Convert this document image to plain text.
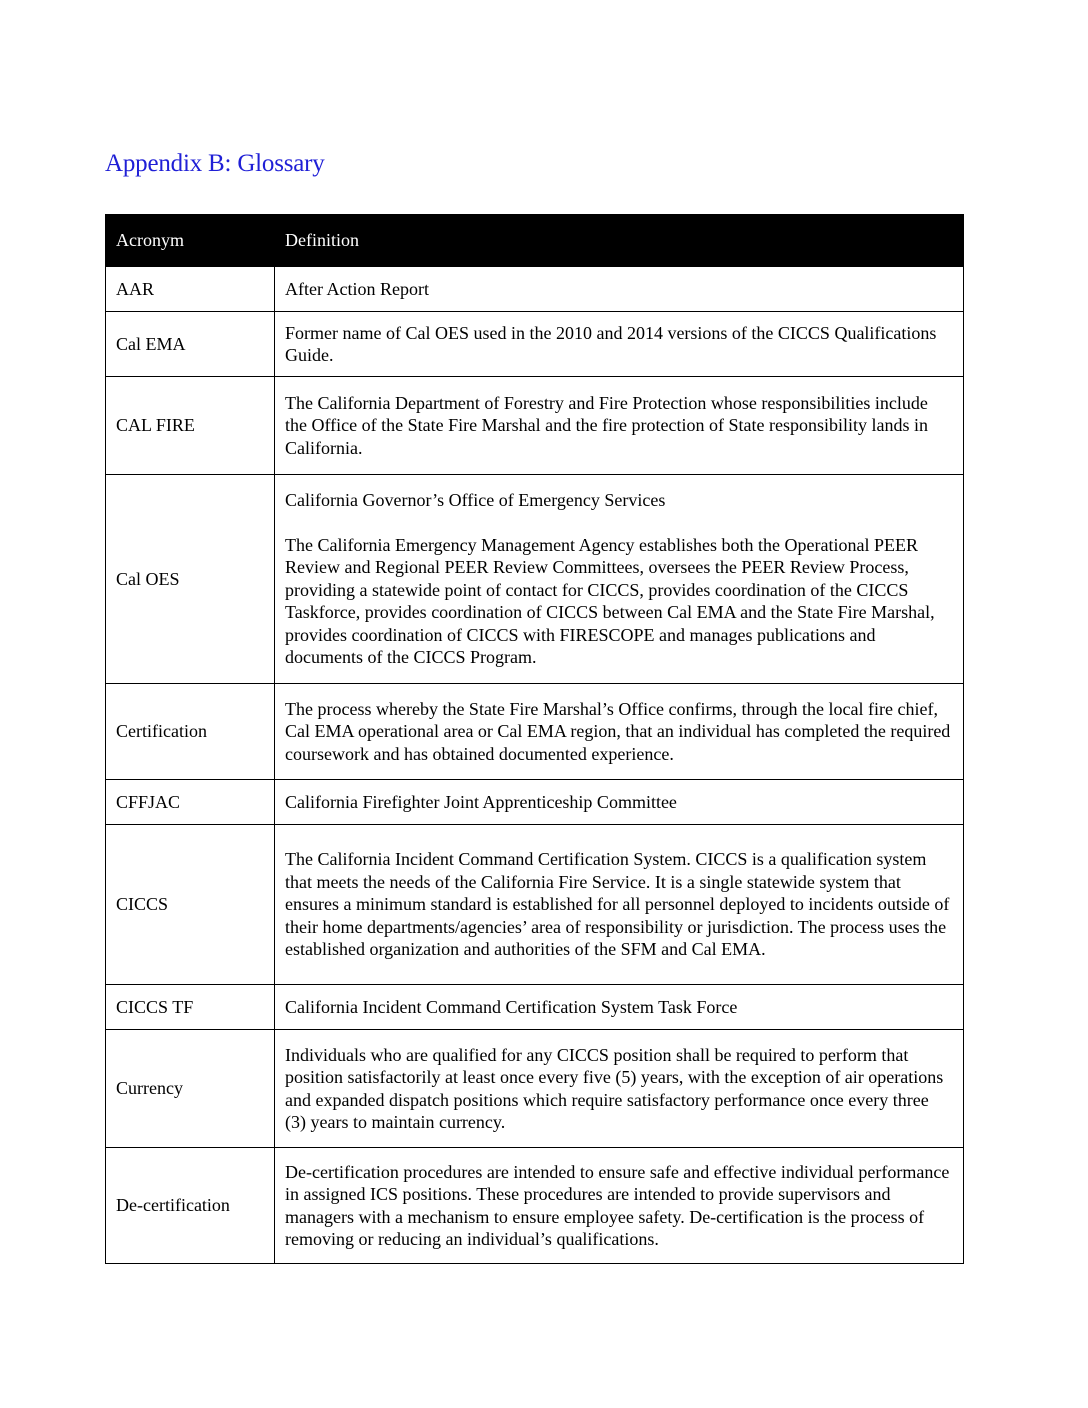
Appendix B: Glossary
Acronym	Definition
AAR	After Action Report

Cal EMA	Former name of Cal OES used in the 2010 and 2014 versions of the CICCS Qualifications Guide.

CAL FIRE	The California Department of Forestry and Fire Protection whose responsibilities include the Office of the State Fire Marshal and the fire protection of State responsibility lands in California.

Cal OES	California Governor’s Office of Emergency Services

The California Emergency Management Agency establishes both the Operational PEER Review and Regional PEER Review Committees, oversees the PEER Review Process, providing a statewide point of contact for CICCS, provides coordination of the CICCS Taskforce, provides coordination of CICCS between Cal EMA and the State Fire Marshal, provides coordination of CICCS with FIRESCOPE and manages publications and documents of the CICCS Program.

Certification	The process whereby the State Fire Marshal’s Office confirms, through the local fire chief, Cal EMA operational area or Cal EMA region, that an individual has completed the required coursework and has obtained documented experience.

CFFJAC	California Firefighter Joint Apprenticeship Committee

CICCS	The California Incident Command Certification System. CICCS is a qualification system that meets the needs of the California Fire Service. It is a single statewide system that ensures a minimum standard is established for all personnel deployed to incidents outside of their home departments/agencies’ area of responsibility or jurisdiction. The process uses the established organization and authorities of the SFM and Cal EMA.

CICCS TF	California Incident Command Certification System Task Force

Currency	Individuals who are qualified for any CICCS position shall be required to perform that position satisfactorily at least once every five (5) years, with the exception of air operations and expanded dispatch positions which require satisfactory performance once every three (3) years to maintain currency.

De-certification	De-certification procedures are intended to ensure safe and effective individual performance in assigned ICS positions. These procedures are intended to provide supervisors and managers with a mechanism to ensure employee safety. De-certification is the process of removing or reducing an individual’s qualifications.
